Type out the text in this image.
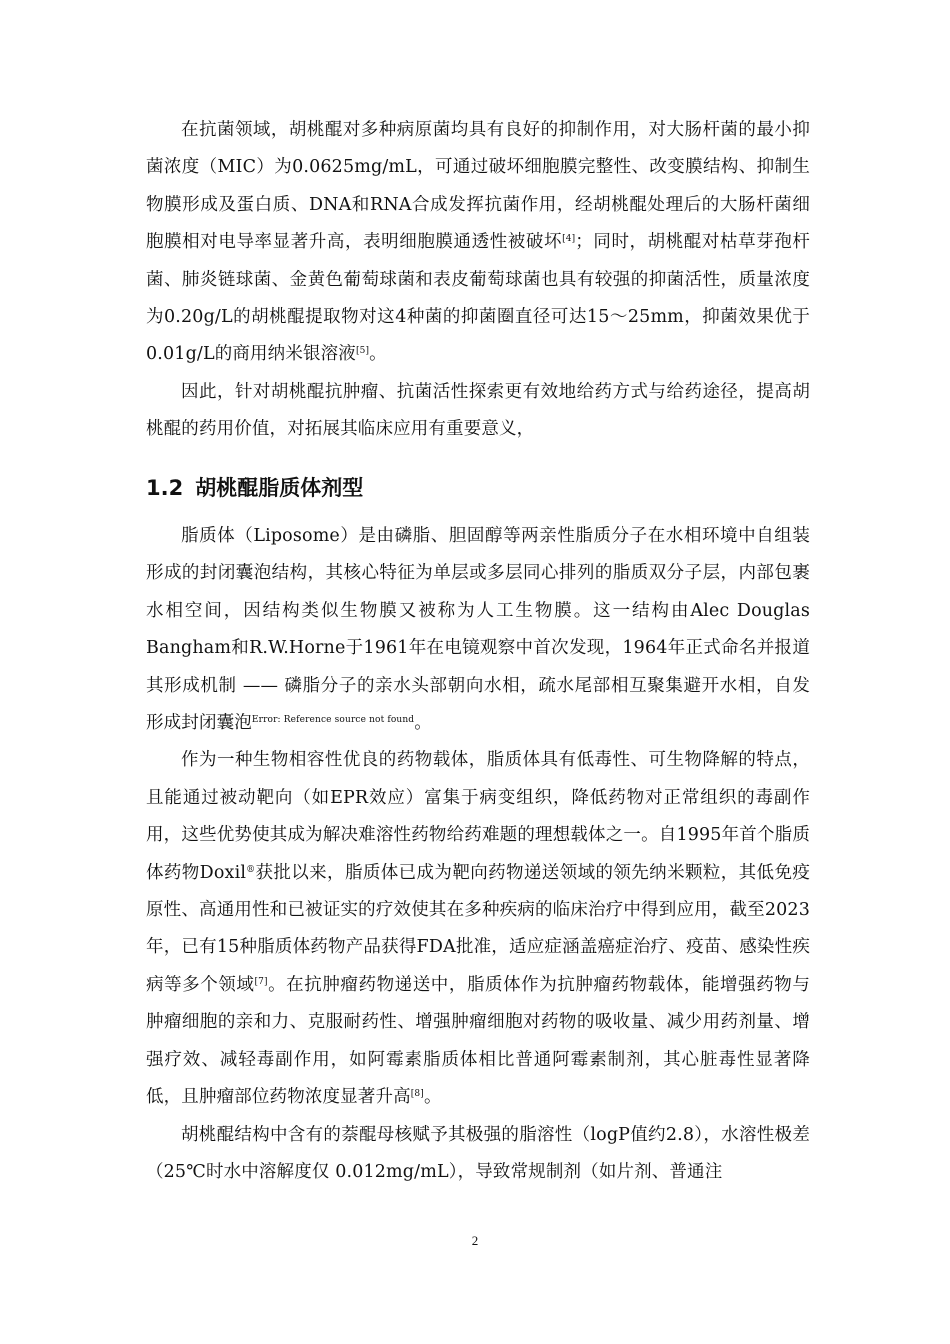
在抗菌领域，胡桃醌对多种病原菌均具有良好的抑制作用，对大肠杆菌的最小抑菌浓度（MIC）为0.0625mg/mL，可通过破坏细胞膜完整性、改变膜结构、抑制生物膜形成及蛋白质、DNA和RNA合成发挥抗菌作用，经胡桃醌处理后的大肠杆菌细胞膜相对电导率显著升高，表明细胞膜通透性被破坏[4]；同时，胡桃醌对枯草芽孢杆菌、肺炎链球菌、金黄色葡萄球菌和表皮葡萄球菌也具有较强的抑菌活性，质量浓度为0.20g/L的胡桃醌提取物对这4种菌的抑菌圈直径可达15～25mm，抑菌效果优于0.01g/L的商用纳米银溶液[5]。

因此，针对胡桃醌抗肿瘤、抗菌活性探索更有效地给药方式与给药途径，提高胡桃醌的药用价值，对拓展其临床应用有重要意义，

1.2 胡桃醌脂质体剂型

脂质体（Liposome）是由磷脂、胆固醇等两亲性脂质分子在水相环境中自组装形成的封闭囊泡结构，其核心特征为单层或多层同心排列的脂质双分子层，内部包裹水相空间，因结构类似生物膜又被称为人工生物膜。这一结构由Alec Douglas Bangham和R.W.Horne于1961年在电镜观察中首次发现，1964年正式命名并报道其形成机制 —— 磷脂分子的亲水头部朝向水相，疏水尾部相互聚集避开水相，自发形成封闭囊泡$^{Error: Reference source not found}$。

作为一种生物相容性优良的药物载体，脂质体具有低毒性、可生物降解的特点，且能通过被动靶向（如EPR效应）富集于病变组织，降低药物对正常组织的毒副作用，这些优势使其成为解决难溶性药物给药难题的理想载体之一。自1995年首个脂质体药物Doxil®获批以来，脂质体已成为靶向药物递送领域的领先纳米颗粒，其低免疫原性、高通用性和已被证实的疗效使其在多种疾病的临床治疗中得到应用，截至2023年，已有15种脂质体药物产品获得FDA批准，适应症涵盖癌症治疗、疫苗、感染性疾病等多个领域[7]。在抗肿瘤药物递送中，脂质体作为抗肿瘤药物载体，能增强药物与肿瘤细胞的亲和力、克服耐药性、增强肿瘤细胞对药物的吸收量、减少用药剂量、增强疗效、减轻毒副作用，如阿霉素脂质体相比普通阿霉素制剂，其心脏毒性显著降低，且肿瘤部位药物浓度显著升高[8]。

胡桃醌结构中含有的萘醌母核赋予其极强的脂溶性（logP值约2.8），水溶性极差（25℃时水中溶解度仅 0.012mg/mL），导致常规制剂（如片剂、普通注

2
